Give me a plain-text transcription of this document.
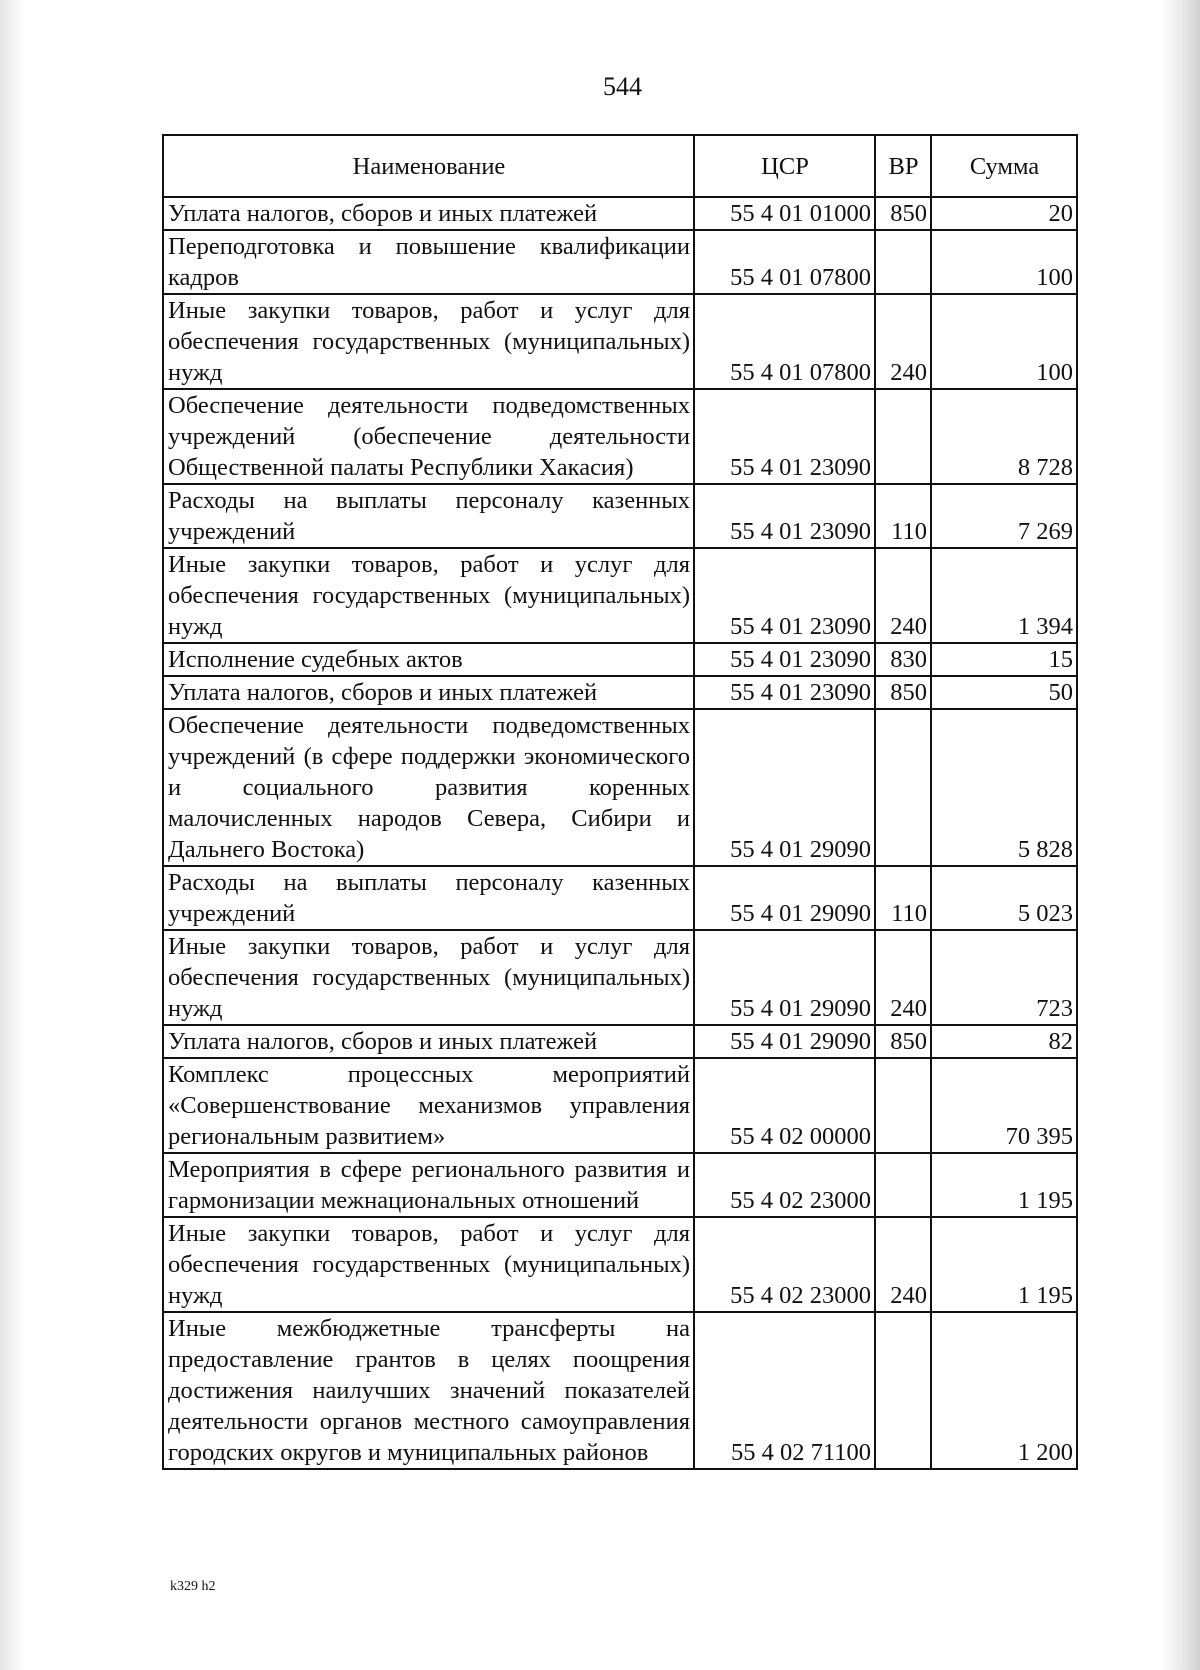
544
Наименование	ЦСР	ВР	Сумма
Уплата налогов, сборов и иных платежей	55 4 01 01000	850	20
Переподготовка и повышение квалификации кадров	55 4 01 07800		100
Иные закупки товаров, работ и услуг для обеспечения государственных (муниципальных) нужд	55 4 01 07800	240	100
Обеспечение деятельности подведомственных учреждений (обеспечение деятельности Общественной палаты Республики Хакасия)	55 4 01 23090		8 728
Расходы на выплаты персоналу казенных учреждений	55 4 01 23090	110	7 269
Иные закупки товаров, работ и услуг для обеспечения государственных (муниципальных) нужд	55 4 01 23090	240	1 394
Исполнение судебных актов	55 4 01 23090	830	15
Уплата налогов, сборов и иных платежей	55 4 01 23090	850	50
Обеспечение деятельности подведомственных учреждений (в сфере поддержки экономического и социального развития коренных малочисленных народов Севера, Сибири и Дальнего Востока)	55 4 01 29090		5 828
Расходы на выплаты персоналу казенных учреждений	55 4 01 29090	110	5 023
Иные закупки товаров, работ и услуг для обеспечения государственных (муниципальных) нужд	55 4 01 29090	240	723
Уплата налогов, сборов и иных платежей	55 4 01 29090	850	82
Комплекс процессных мероприятий «Совершенствование механизмов управления региональным развитием»	55 4 02 00000		70 395
Мероприятия в сфере регионального развития и гармонизации межнациональных отношений	55 4 02 23000		1 195
Иные закупки товаров, работ и услуг для обеспечения государственных (муниципальных) нужд	55 4 02 23000	240	1 195
Иные межбюджетные трансферты на предоставление грантов в целях поощрения достижения наилучших значений показателей деятельности органов местного самоуправления городских округов и муниципальных районов	55 4 02 71100		1 200
k329 h2
